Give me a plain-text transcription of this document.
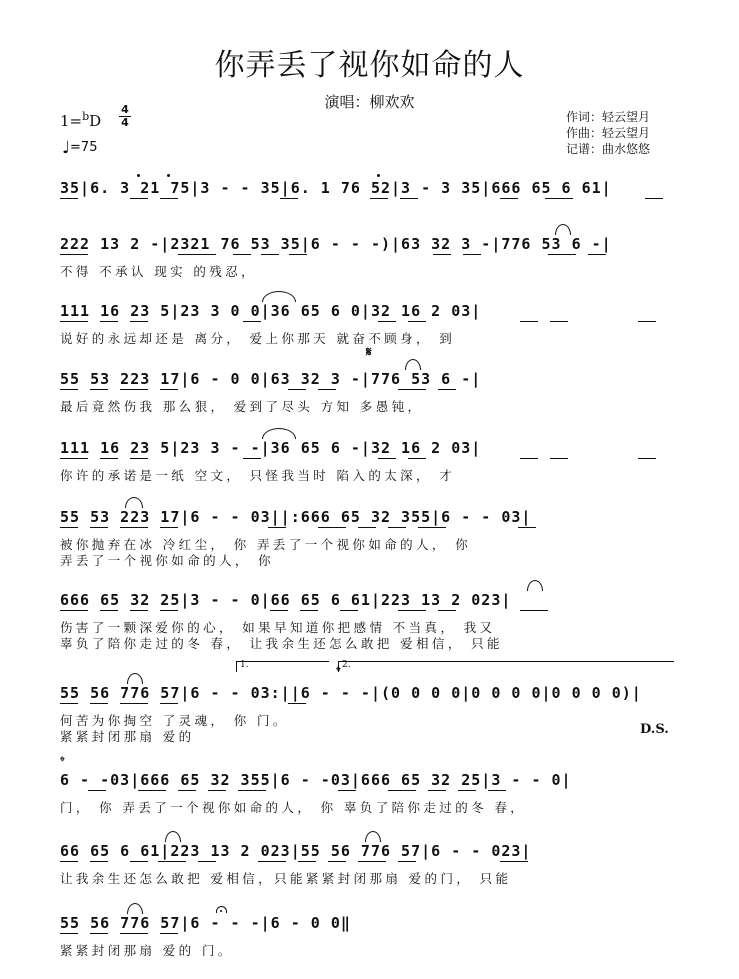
你弄丢了视你如命的人
演唱：柳欢欢
1=$^b$D
4
4
♩=75
作词：轻云望月
作曲：轻云望月
记谱：曲水悠悠
35|6. 3 21 75|3 - - 35|6. 1 76 52|3 - 3 35|666 65 6 61|
222 13 2 -|2321 76 53 35|6 - - -)|63 32 3 -|776 53 6 -|
不得 不承认 现实 的残忍，
111 16 23 5|23 3 0 0|36 65 6 0|32 16 2 03|
说好的永远却还是 离分， 爱上你那天 就奋不顾身， 到
𝄋
55 53 223 17|6 - 0 0|63 32 3 -|776 53 6 -|
最后竟然伤我 那么狠， 爱到了尽头 方知 多愚钝，
111 16 23 5|23 3 - -|36 65 6 -|32 16 2 03|
你许的承诺是一纸 空文， 只怪我当时 陷入的太深， 才
55 53 223 17|6 - - 03||:666 65 32 355|6 - - 03|
被你抛弃在冰 冷红尘， 你 弄丢了一个视你如命的人， 你
弄丢了一个视你如命的人， 你
666 65 32 25|3 - - 0|66 65 6 61|223 13 2 023|
伤害了一颗深爱你的心， 如果早知道你把感情 不当真， 我又
辜负了陪你走过的冬 春， 让我余生还怎么敢把 爱相信， 只能
1.	2.
𝄌
55 56 776 57|6 - - 03:||6 - - -|(0 0 0 0|0 0 0 0|0 0 0 0)|
何苦为你掏空 了灵魂， 你 门。
紧紧封闭那扇 爱的	D.S.
𝄌
6 - -03|666 65 32 355|6 - -03|666 65 32 25|3 - - 0|
门， 你 弄丢了一个视你如命的人， 你 辜负了陪你走过的冬 春，
66 65 6 61|223 13 2 023|55 56 776 57|6 - - 023|
让我余生还怎么敢把 爱相信，只能紧紧封闭那扇 爱的门， 只能
55 56 776 57|6 - - -|6 - 0 0‖
紧紧封闭那扇 爱的 门。
